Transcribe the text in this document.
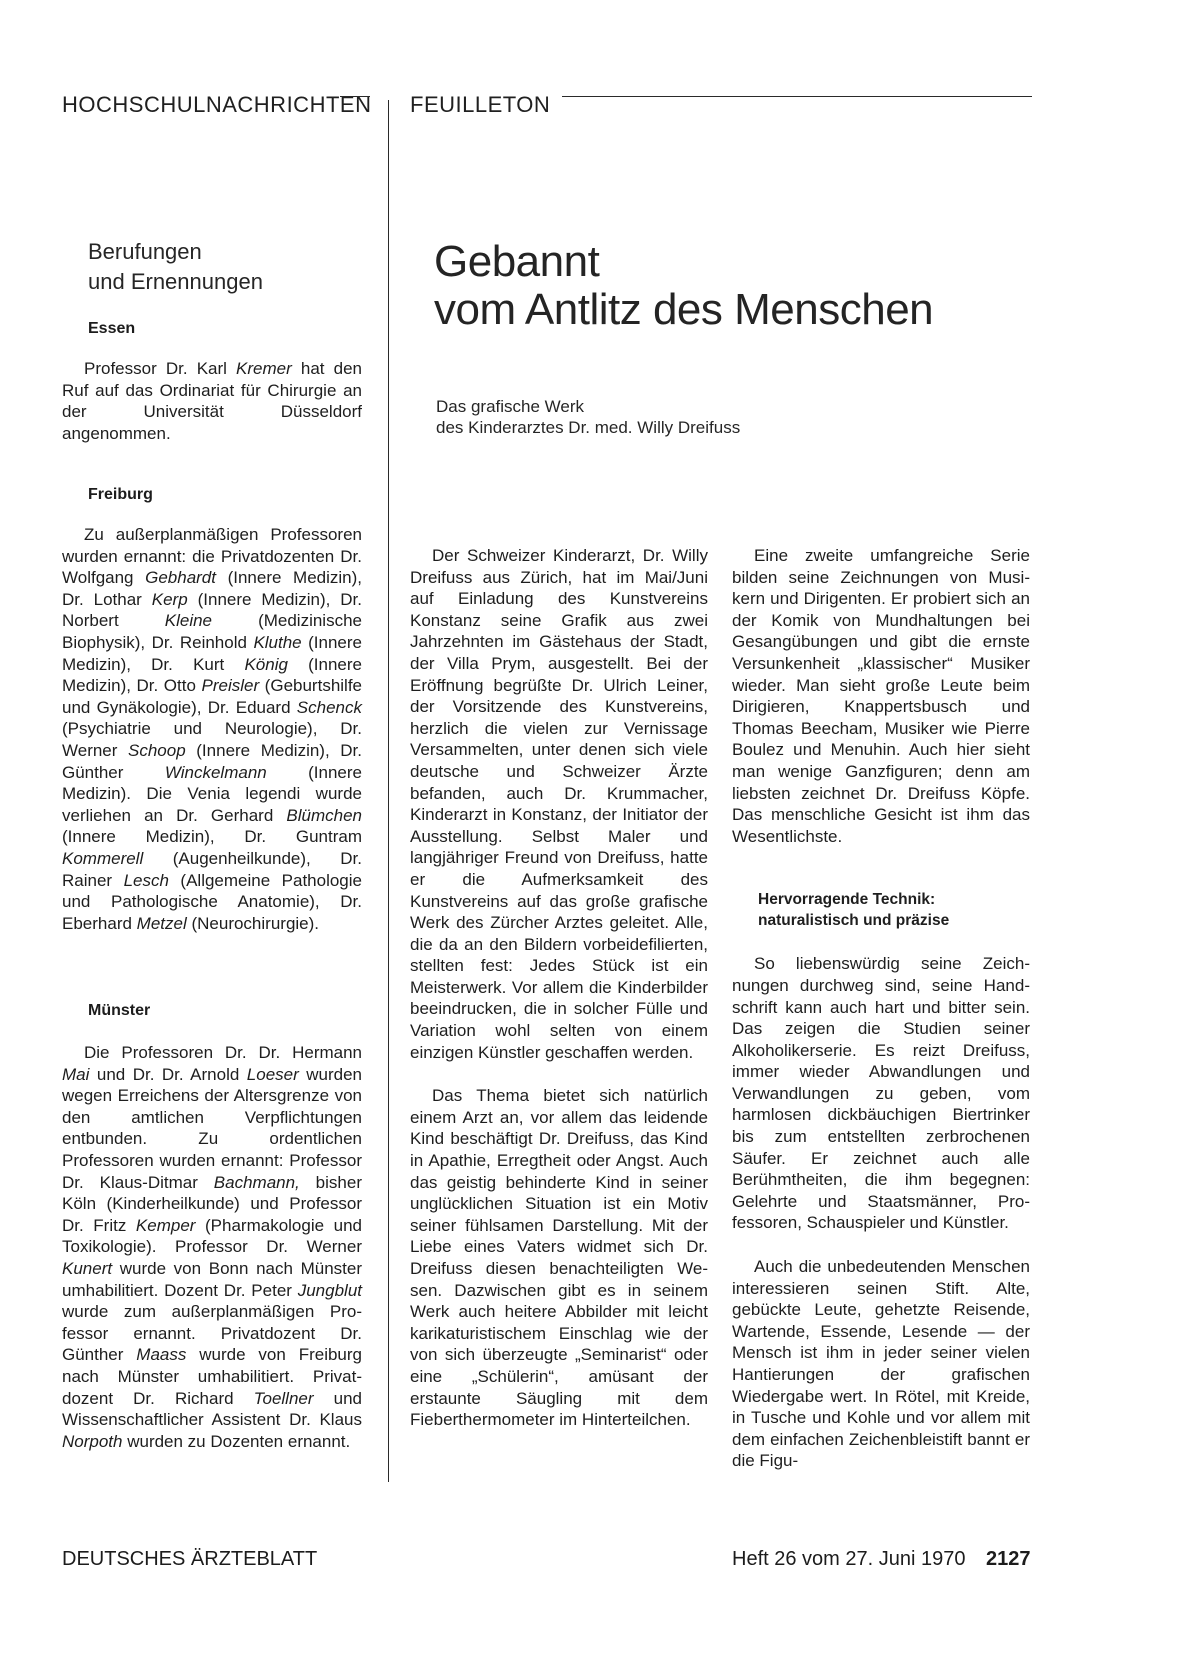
HOCHSCHULNACHRICHTEN FEUILLETON
Berufungen
und Ernennungen
Essen

Professor Dr. Karl Kremer hat den Ruf auf das Ordinariat für Chirurgie an der Universität Düsseldorf angenommen.

Freiburg

Zu außerplanmäßigen Professoren wurden ernannt: die Privatdozenten Dr. Wolfgang Gebhardt (Innere Medizin), Dr. Lothar Kerp (Innere Medizin), Dr. Norbert Kleine (Medizinische Biophysik), Dr. Reinhold Kluthe (Innere Medizin), Dr. Kurt König (Innere Medizin), Dr. Otto Preisler (Geburtshilfe und Gynäkologie), Dr. Eduard Schenck (Psychiatrie und Neurologie), Dr. Werner Schoop (Innere Medizin), Dr. Günther Winckelmann (Innere Medizin). Die Venia legendi wurde verliehen an Dr. Gerhard Blümchen (Innere Medizin), Dr. Guntram Kommerell (Augenheilkunde), Dr. Rainer Lesch (Allgemeine Pathologie und Pathologische Anatomie), Dr. Eberhard Metzel (Neurochirurgie).

Münster

Die Professoren Dr. Dr. Hermann Mai und Dr. Dr. Arnold Loeser wurden wegen Erreichens der Altersgrenze von den amtlichen Verpflichtungen entbunden. Zu ordentlichen Professoren wurden ernannt: Professor Dr. Klaus-Ditmar Bachmann, bisher Köln (Kinderheilkunde) und Professor Dr. Fritz Kemper (Pharmakologie und Toxikologie). Professor Dr. Werner Kunert wurde von Bonn nach Münster umhabilitiert. Dozent Dr. Peter Jungblut wurde zum außerplanmäßigen Professor ernannt. Privatdozent Dr. Günther Maass wurde von Freiburg nach Münster umhabilitiert. Privatdozent Dr. Richard Toellner und Wissenschaftlicher Assistent Dr. Klaus Norpoth wurden zu Dozenten ernannt.

Gebannt
vom Antlitz des Menschen
Das grafische Werk
des Kinderarztes Dr. med. Willy Dreifuss

Der Schweizer Kinderarzt, Dr. Willy Dreifuss aus Zürich, hat im Mai/Juni auf Einladung des Kunstvereins Konstanz seine Grafik aus zwei Jahrzehnten im Gästehaus der Stadt, der Villa Prym, ausgestellt. Bei der Eröffnung begrüßte Dr. Ulrich Leiner, der Vorsitzende des Kunstvereins, herzlich die vielen zur Vernissage Versammelten, unter denen sich viele deutsche und Schweizer Ärzte befanden, auch Dr. Krummacher, Kinderarzt in Konstanz, der Initiator der Ausstellung. Selbst Maler und langjähriger Freund von Dreifuss, hatte er die Aufmerksamkeit des Kunstvereins auf das große grafische Werk des Zürcher Arztes geleitet. Alle, die da an den Bildern vorbeidefilierten, stellten fest: Jedes Stück ist ein Meisterwerk. Vor allem die Kinderbilder beeindrucken, die in solcher Fülle und Variation wohl selten von einem einzigen Künstler geschaffen werden.

Das Thema bietet sich natürlich einem Arzt an, vor allem das leidende Kind beschäftigt Dr. Dreifuss, das Kind in Apathie, Erregtheit oder Angst. Auch das geistig behinderte Kind in seiner unglücklichen Situation ist ein Motiv seiner fühlsamen Darstellung. Mit der Liebe eines Vaters widmet sich Dr. Dreifuss diesen benachteiligten Wesen. Dazwischen gibt es in seinem Werk auch heitere Abbilder mit leicht karikaturistischem Einschlag wie der von sich überzeugte „Seminarist“ oder eine „Schülerin“, amüsant der erstaunte Säugling mit dem Fieberthermometer im Hinterteilchen.

Eine zweite umfangreiche Serie bilden seine Zeichnungen von Musikern und Dirigenten. Er probiert sich an der Komik von Mundhaltungen bei Gesangübungen und gibt die ernste Versunkenheit „klassischer“ Musiker wieder. Man sieht große Leute beim Dirigieren, Knappertsbusch und Thomas Beecham, Musiker wie Pierre Boulez und Menuhin. Auch hier sieht man wenige Ganzfiguren; denn am liebsten zeichnet Dr. Dreifuss Köpfe. Das menschliche Gesicht ist ihm das Wesentlichste.

Hervorragende Technik:
naturalistisch und präzise

So liebenswürdig seine Zeichnungen durchweg sind, seine Handschrift kann auch hart und bitter sein. Das zeigen die Studien seiner Alkoholikerserie. Es reizt Dreifuss, immer wieder Abwandlungen und Verwandlungen zu geben, vom harmlosen dickbäuchigen Biertrinker bis zum entstellten zerbrochenen Säufer. Er zeichnet auch alle Berühmtheiten, die ihm begegnen: Gelehrte und Staatsmänner, Professoren, Schauspieler und Künstler.

Auch die unbedeutenden Menschen interessieren seinen Stift. Alte, gebückte Leute, gehetzte Reisende, Wartende, Essende, Lesende — der Mensch ist ihm in jeder seiner vielen Hantierungen der grafischen Wiedergabe wert. In Rötel, mit Kreide, in Tusche und Kohle und vor allem mit dem einfachen Zeichenbleistift bannt er die Figu-

DEUTSCHES ÄRZTEBLATT	Heft 26 vom 27. Juni 1970 2127
